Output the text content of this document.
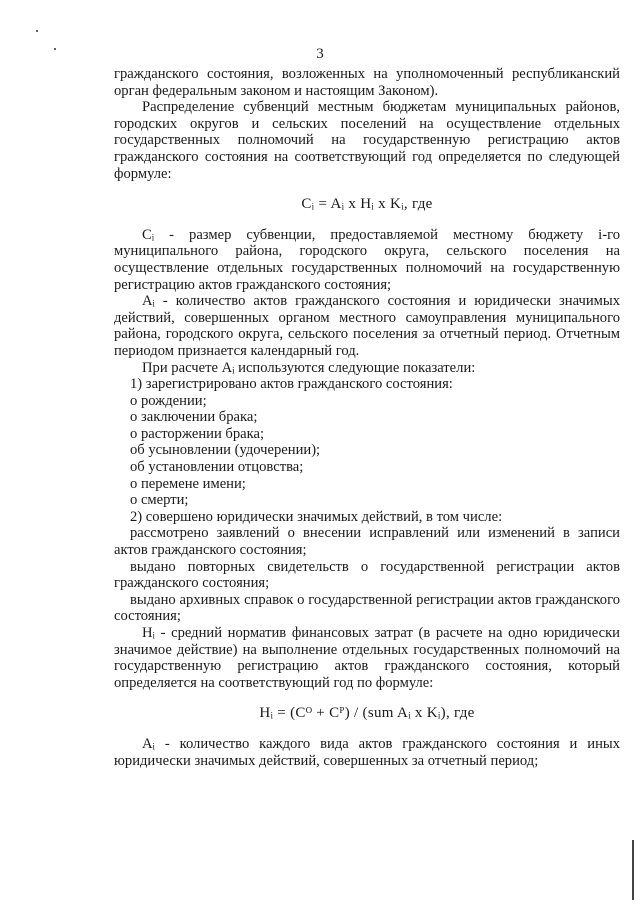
3

гражданского состояния, возложенных на уполномоченный республиканский орган федеральным законом и настоящим Законом).

Распределение субвенций местным бюджетам муниципальных районов, городских округов и сельских поселений на осуществление отдельных государственных полномочий на государственную регистрацию актов гражданского состояния на соответствующий год определяется по следующей формуле:

Cᵢ = Aᵢ x Hᵢ x Kᵢ, где

Cᵢ - размер субвенции, предоставляемой местному бюджету i-го муниципального района, городского округа, сельского поселения на осуществление отдельных государственных полномочий на государственную регистрацию актов гражданского состояния;

Aᵢ - количество актов гражданского состояния и юридически значимых действий, совершенных органом местного самоуправления муниципального района, городского округа, сельского поселения за отчетный период. Отчетным периодом признается календарный год.

При расчете Aᵢ используются следующие показатели:

1) зарегистрировано актов гражданского состояния:

о рождении;

о заключении брака;

о расторжении брака;

об усыновлении (удочерении);

об установлении отцовства;

о перемене имени;

о смерти;

2) совершено юридически значимых действий, в том числе:

рассмотрено заявлений о внесении исправлений или изменений в записи актов гражданского состояния;

выдано повторных свидетельств о государственной регистрации актов гражданского состояния;

выдано архивных справок о государственной регистрации актов гражданского состояния;

Hᵢ - средний норматив финансовых затрат (в расчете на одно юридически значимое действие) на выполнение отдельных государственных полномочий на государственную регистрацию актов гражданского состояния, который определяется на соответствующий год по формуле:

Hᵢ = (Cᴼ + Cᴾ) / (sum Aᵢ x Kᵢ), где

Aᵢ - количество каждого вида актов гражданского состояния и иных юридически значимых действий, совершенных за отчетный период;
